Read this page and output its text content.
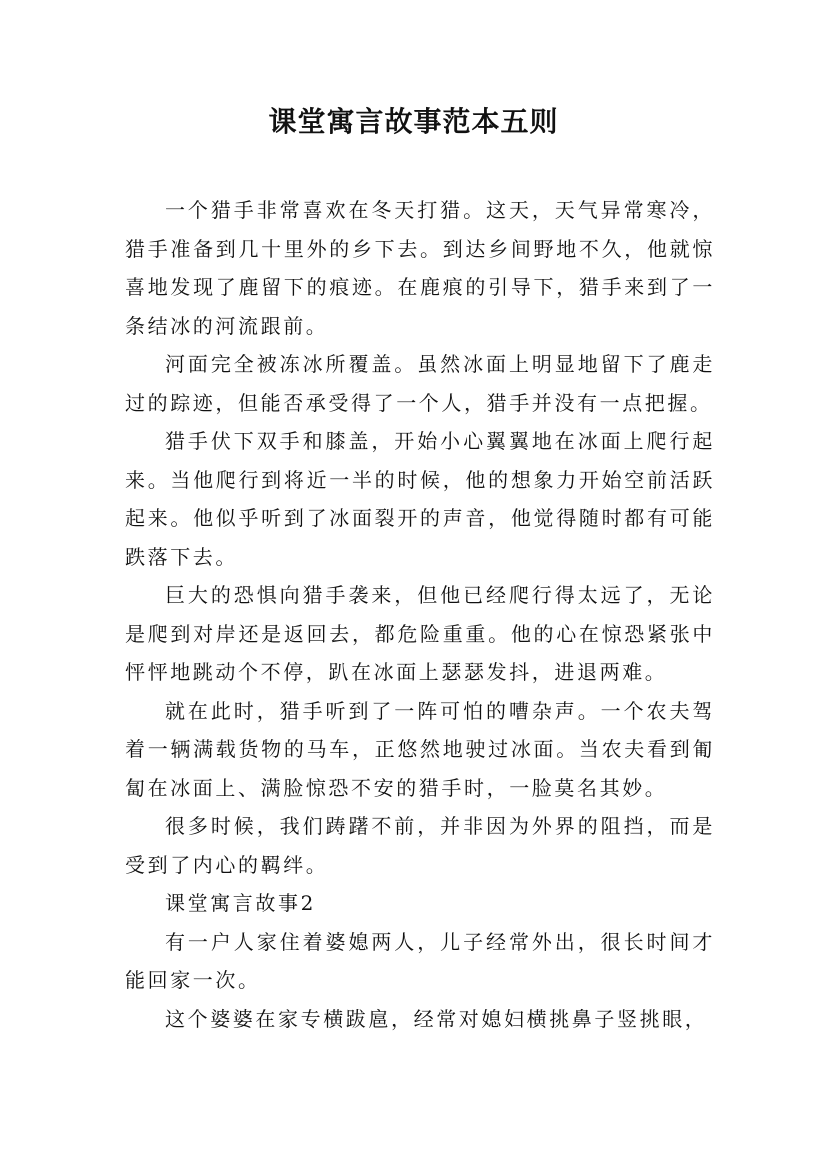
课堂寓言故事范本五则

一个猎手非常喜欢在冬天打猎。这天，天气异常寒冷，猎手准备到几十里外的乡下去。到达乡间野地不久，他就惊喜地发现了鹿留下的痕迹。在鹿痕的引导下，猎手来到了一条结冰的河流跟前。

河面完全被冻冰所覆盖。虽然冰面上明显地留下了鹿走过的踪迹，但能否承受得了一个人，猎手并没有一点把握。

猎手伏下双手和膝盖，开始小心翼翼地在冰面上爬行起来。当他爬行到将近一半的时候，他的想象力开始空前活跃起来。他似乎听到了冰面裂开的声音，他觉得随时都有可能跌落下去。

巨大的恐惧向猎手袭来，但他已经爬行得太远了，无论是爬到对岸还是返回去，都危险重重。他的心在惊恐紧张中怦怦地跳动个不停，趴在冰面上瑟瑟发抖，进退两难。

就在此时，猎手听到了一阵可怕的嘈杂声。一个农夫驾着一辆满载货物的马车，正悠然地驶过冰面。当农夫看到匍匐在冰面上、满脸惊恐不安的猎手时，一脸莫名其妙。

很多时候，我们踌躇不前，并非因为外界的阻挡，而是受到了内心的羁绊。

课堂寓言故事2

有一户人家住着婆媳两人，儿子经常外出，很长时间才能回家一次。

这个婆婆在家专横跋扈，经常对媳妇横挑鼻子竖挑眼，
